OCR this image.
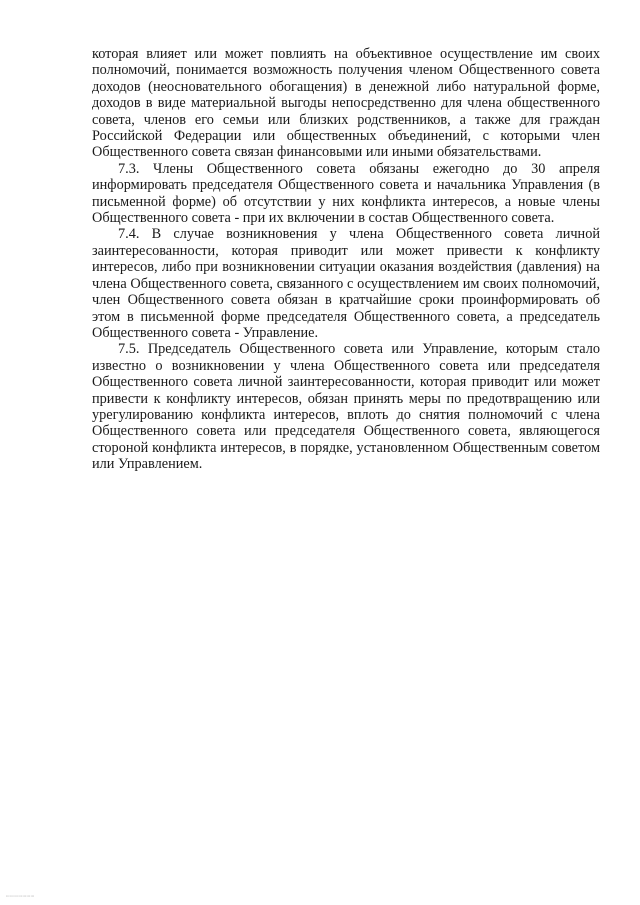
которая влияет или может повлиять на объективное осуществление им своих полномочий, понимается возможность получения членом Общественного совета доходов (неосновательного обогащения) в денежной либо натуральной форме, доходов в виде материальной выгоды непосредственно для члена общественного совета, членов его семьи или близких родственников, а также для граждан Российской Федерации или общественных объединений, с которыми член Общественного совета связан финансовыми или иными обязательствами.

7.3. Члены Общественного совета обязаны ежегодно до 30 апреля информировать председателя Общественного совета и начальника Управления (в письменной форме) об отсутствии у них конфликта интересов, а новые члены Общественного совета - при их включении в состав Общественного совета.

7.4. В случае возникновения у члена Общественного совета личной заинтересованности, которая приводит или может привести к конфликту интересов, либо при возникновении ситуации оказания воздействия (давления) на члена Общественного совета, связанного с осуществлением им своих полномочий, член Общественного совета обязан в кратчайшие сроки проинформировать об этом в письменной форме председателя Общественного совета, а председатель Общественного совета - Управление.

7.5. Председатель Общественного совета или Управление, которым стало известно о возникновении у члена Общественного совета или председателя Общественного совета личной заинтересованности, которая приводит или может привести к конфликту интересов, обязан принять меры по предотвращению или урегулированию конфликта интересов, вплоть до снятия полномочий с члена Общественного совета или председателя Общественного совета, являющегося стороной конфликта интересов, в порядке, установленном Общественным советом или Управлением.

⋯⋯⋯⋯⋯⋯⋯
